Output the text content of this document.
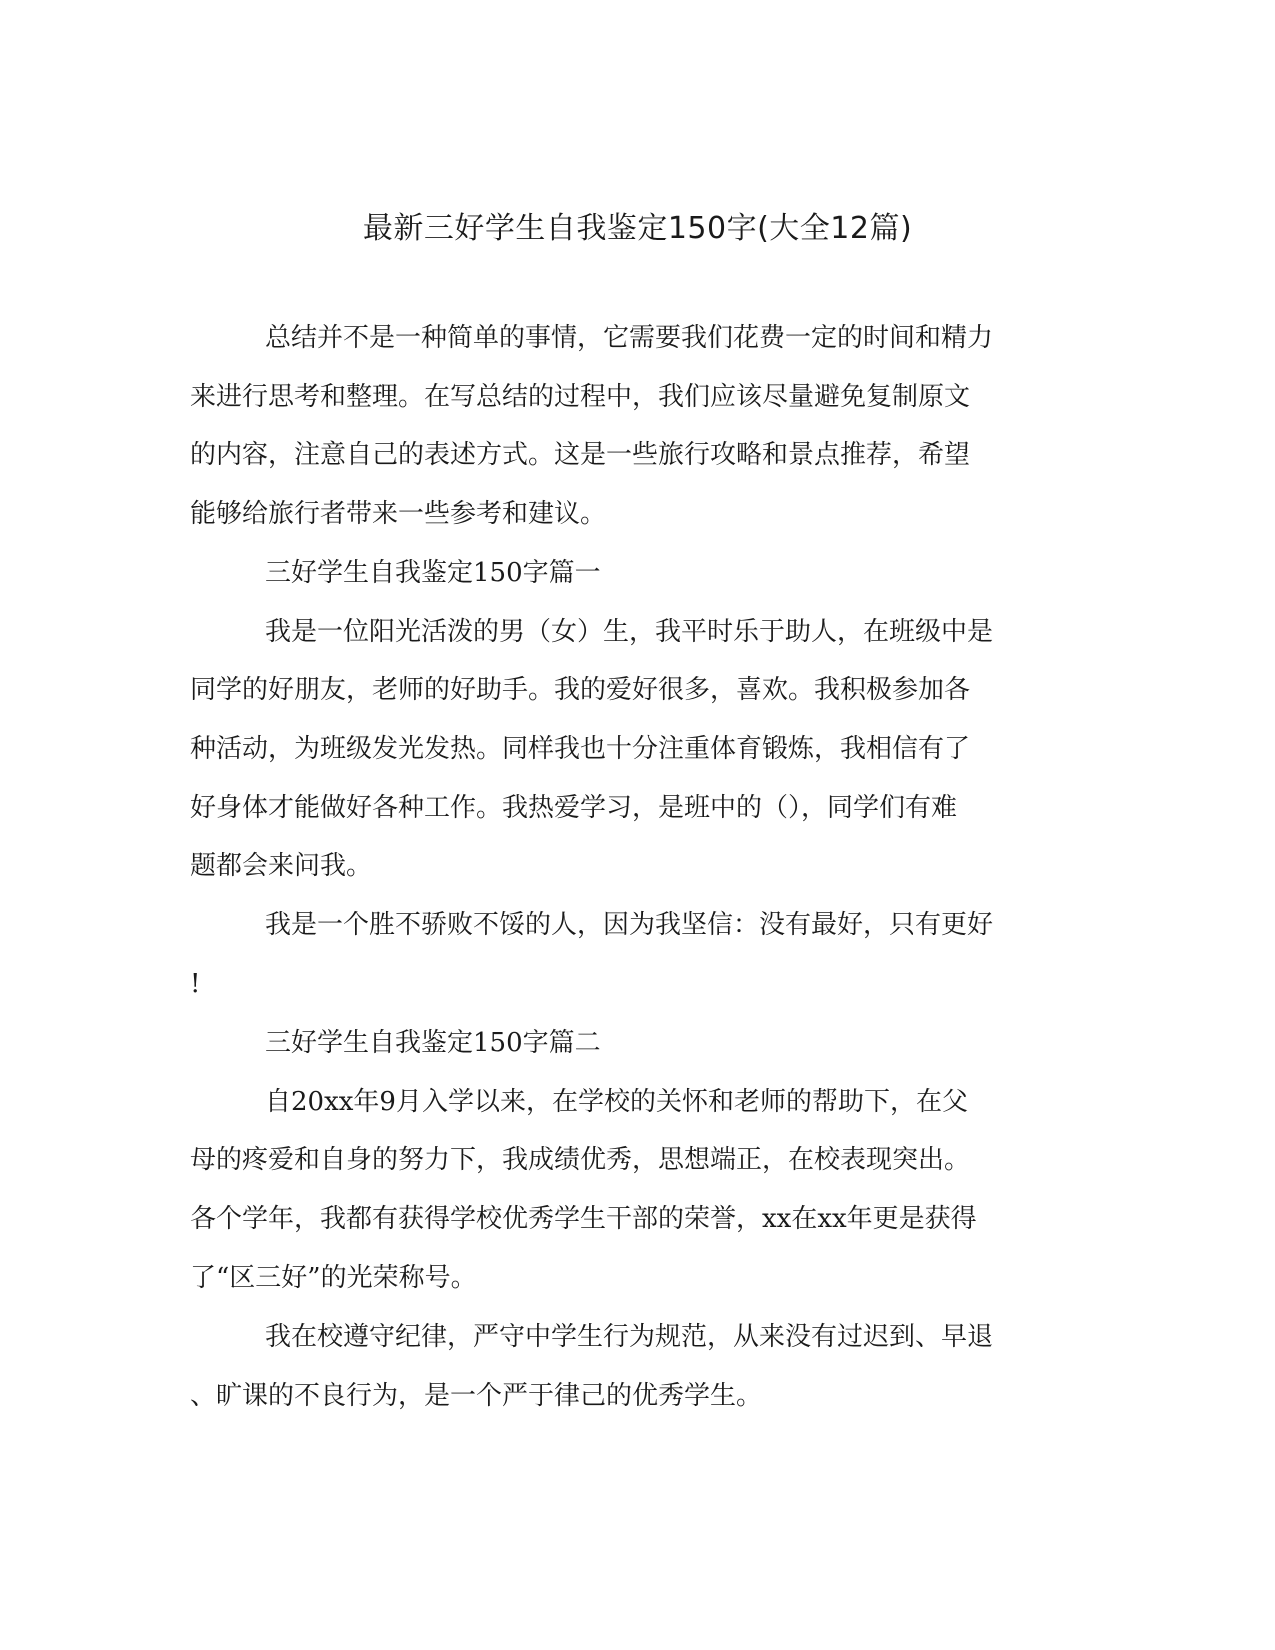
最新三好学生自我鉴定150字(大全12篇)
总结并不是一种简单的事情，它需要我们花费一定的时间和精力
来进行思考和整理。在写总结的过程中，我们应该尽量避免复制原文
的内容，注意自己的表述方式。这是一些旅行攻略和景点推荐，希望
能够给旅行者带来一些参考和建议。
三好学生自我鉴定150字篇一
我是一位阳光活泼的男（女）生，我平时乐于助人，在班级中是
同学的好朋友，老师的好助手。我的爱好很多，喜欢。我积极参加各
种活动，为班级发光发热。同样我也十分注重体育锻炼，我相信有了
好身体才能做好各种工作。我热爱学习，是班中的（），同学们有难
题都会来问我。
我是一个胜不骄败不馁的人，因为我坚信：没有最好，只有更好
!
三好学生自我鉴定150字篇二
自20xx年9月入学以来，在学校的关怀和老师的帮助下，在父
母的疼爱和自身的努力下，我成绩优秀，思想端正，在校表现突出。
各个学年，我都有获得学校优秀学生干部的荣誉，xx在xx年更是获得
了“区三好”的光荣称号。
我在校遵守纪律，严守中学生行为规范，从来没有过迟到、早退
、旷课的不良行为，是一个严于律己的优秀学生。
